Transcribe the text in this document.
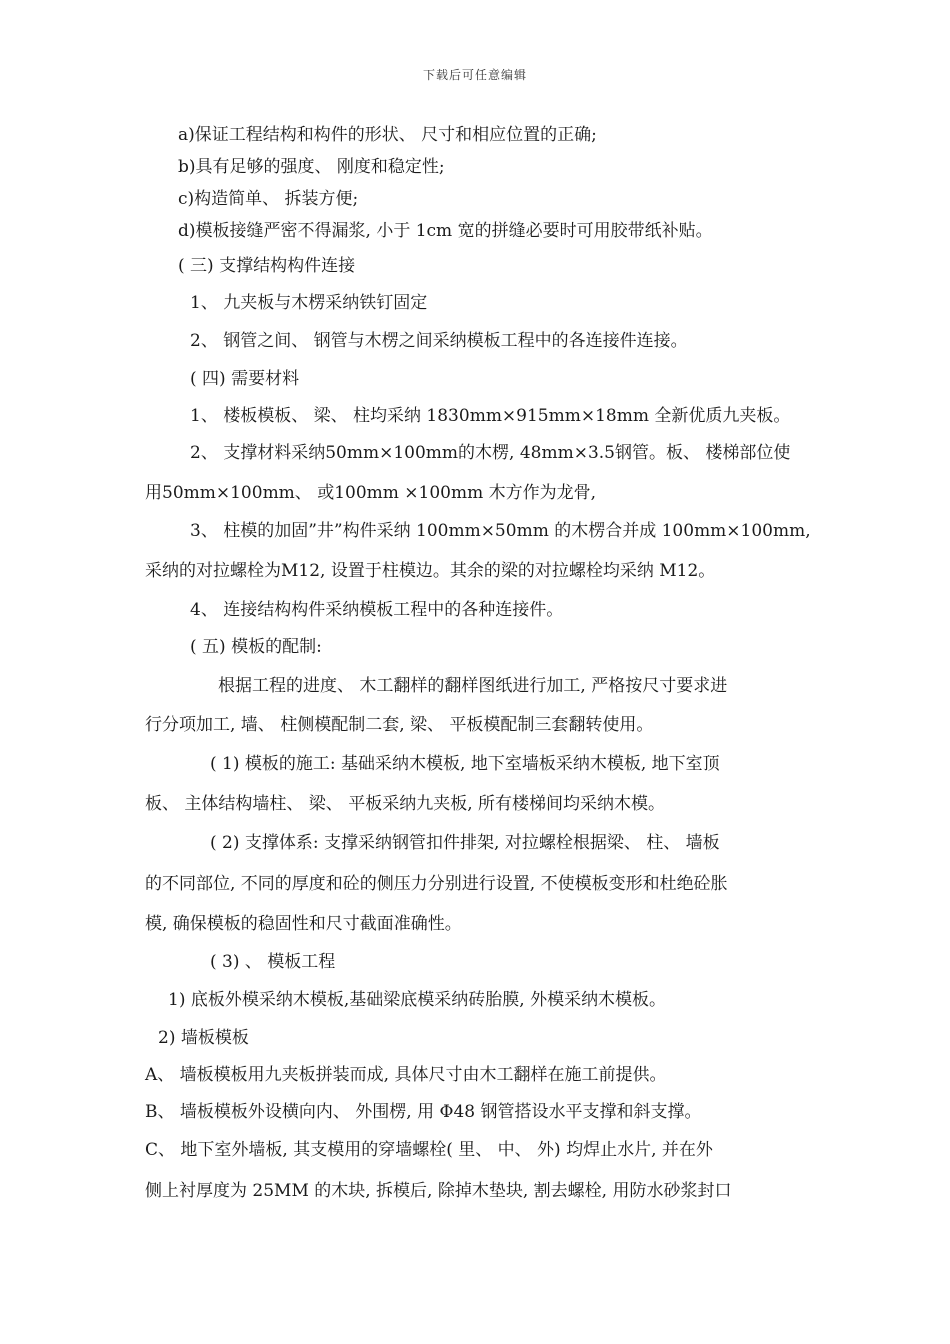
下载后可任意编辑
a)保证工程结构和构件的形状、 尺寸和相应位置的正确;
b)具有足够的强度、 刚度和稳定性;
c)构造简单、 拆装方便;
d)模板接缝严密不得漏浆, 小于 1cm 宽的拼缝必要时可用胶带纸补贴。
( 三) 支撑结构构件连接
1、 九夹板与木楞采纳铁钉固定
2、 钢管之间、 钢管与木楞之间采纳模板工程中的各连接件连接。
( 四) 需要材料
1、 楼板模板、 梁、 柱均采纳 1830mm×915mm×18mm 全新优质九夹板。
2、 支撑材料采纳50mm×100mm的木楞, 48mm×3.5钢管。板、 楼梯部位使
用50mm×100mm、 或100mm ×100mm 木方作为龙骨,
3、 柱模的加固”井”构件采纳 100mm×50mm 的木楞合并成 100mm×100mm,
采纳的对拉螺栓为M12, 设置于柱模边。其余的梁的对拉螺栓均采纳 M12。
4、 连接结构构件采纳模板工程中的各种连接件。
( 五) 模板的配制:
根据工程的进度、 木工翻样的翻样图纸进行加工, 严格按尺寸要求进
行分项加工, 墙、 柱侧模配制二套, 梁、 平板模配制三套翻转使用。
( 1) 模板的施工: 基础采纳木模板, 地下室墙板采纳木模板, 地下室顶
板、 主体结构墙柱、 梁、 平板采纳九夹板, 所有楼梯间均采纳木模。
( 2) 支撑体系: 支撑采纳钢管扣件排架, 对拉螺栓根据梁、 柱、 墙板
的不同部位, 不同的厚度和砼的侧压力分别进行设置, 不使模板变形和杜绝砼胀
模, 确保模板的稳固性和尺寸截面准确性。
( 3) 、 模板工程
1) 底板外模采纳木模板,基础梁底模采纳砖胎膜, 外模采纳木模板。
2) 墙板模板
A、 墙板模板用九夹板拼装而成, 具体尺寸由木工翻样在施工前提供。
B、 墙板模板外设横向内、 外围楞, 用 Φ48 钢管搭设水平支撑和斜支撑。
C、 地下室外墙板, 其支模用的穿墙螺栓( 里、 中、 外) 均焊止水片, 并在外
侧上衬厚度为 25MM 的木块, 拆模后, 除掉木垫块, 割去螺栓, 用防水砂浆封口
